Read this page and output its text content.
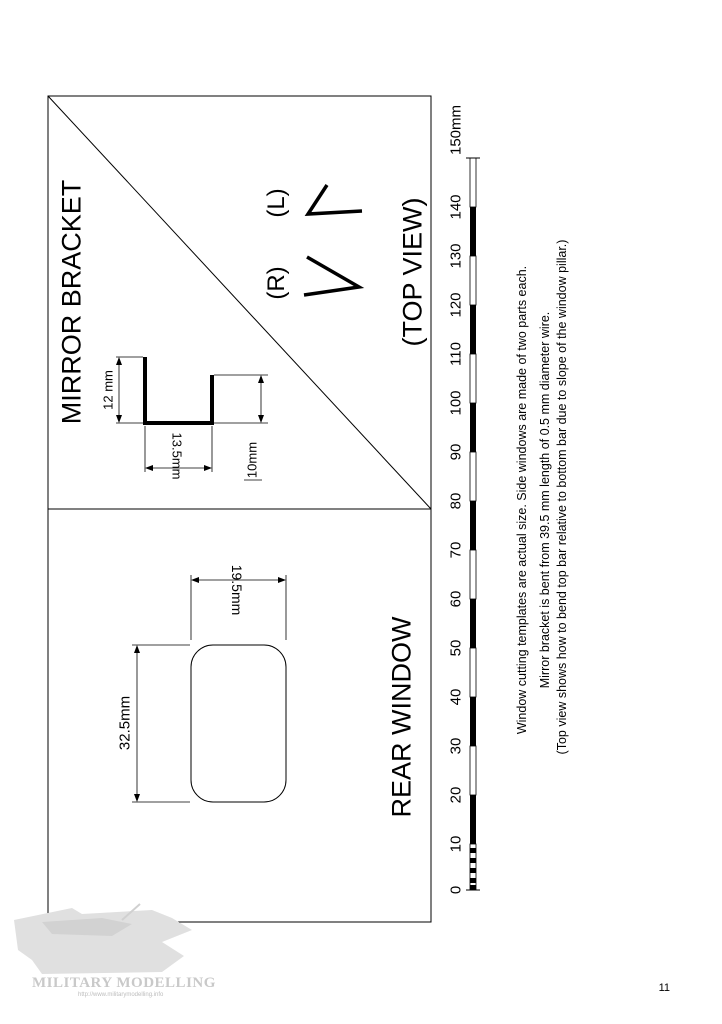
MIRROR BRACKET 12 mm
13.5mm	10mm
(R)
(L)	(TOP VIEW)
32.5mm
19.5mm
REAR WINDOW
150mm
140
130
120
110
100
90
80
70
60
50
40
30
20
10
0
Window cutting templates are actual size. Side windows are made of two parts each. Mirror bracket is bent from 39.5 mm length of 0.5 mm diameter wire. (Top view shows how to bend top bar relative to bottom bar due to slope of the window pillar.)
MILITARY MODELLING
http://www.militarymodelling.info
11
